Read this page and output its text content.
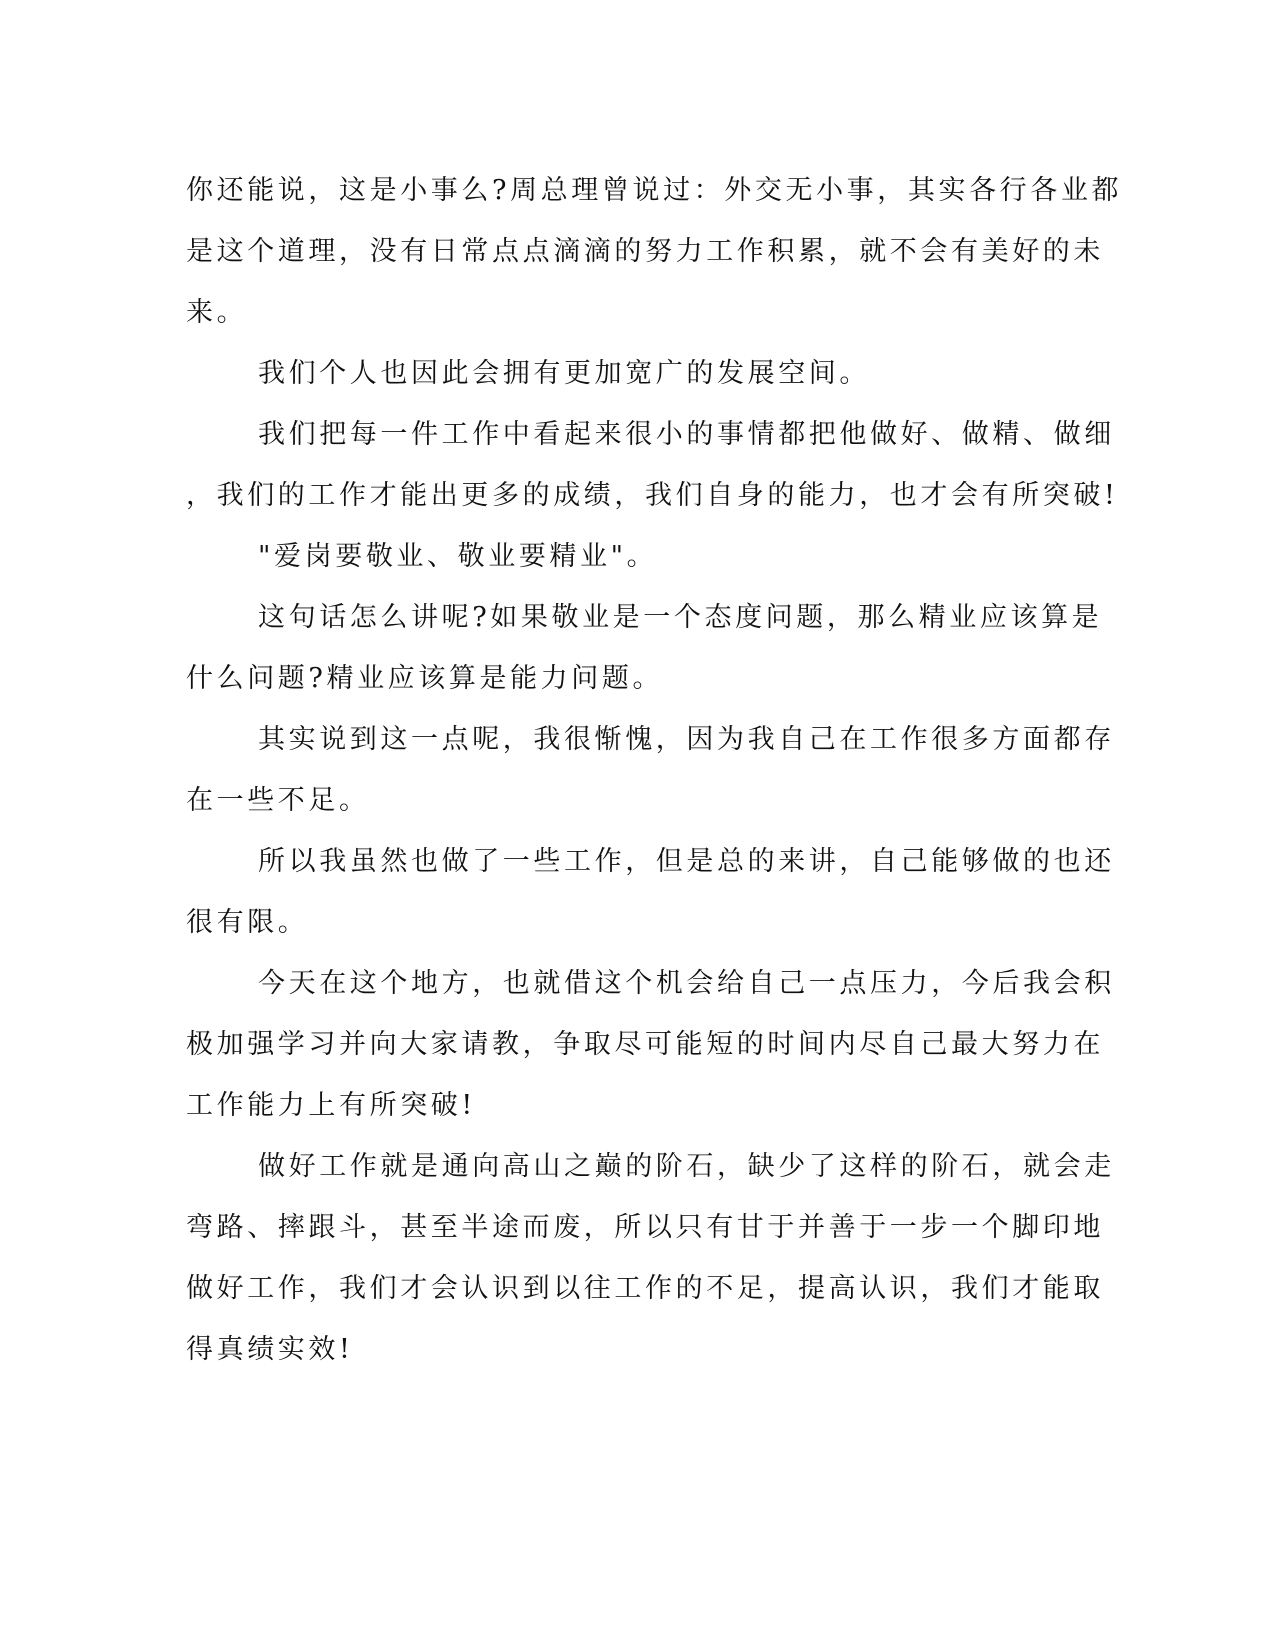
你还能说，这是小事么?周总理曾说过：外交无小事，其实各行各业都
是这个道理，没有日常点点滴滴的努力工作积累，就不会有美好的未
来。

我们个人也因此会拥有更加宽广的发展空间。

我们把每一件工作中看起来很小的事情都把他做好、做精、做细
，我们的工作才能出更多的成绩，我们自身的能力，也才会有所突破!

"爱岗要敬业、敬业要精业"。

这句话怎么讲呢?如果敬业是一个态度问题，那么精业应该算是
什么问题?精业应该算是能力问题。

其实说到这一点呢，我很惭愧，因为我自己在工作很多方面都存
在一些不足。

所以我虽然也做了一些工作，但是总的来讲，自己能够做的也还
很有限。

今天在这个地方，也就借这个机会给自己一点压力，今后我会积
极加强学习并向大家请教，争取尽可能短的时间内尽自己最大努力在
工作能力上有所突破!

做好工作就是通向高山之巅的阶石，缺少了这样的阶石，就会走
弯路、摔跟斗，甚至半途而废，所以只有甘于并善于一步一个脚印地
做好工作，我们才会认识到以往工作的不足，提高认识，我们才能取
得真绩实效!
